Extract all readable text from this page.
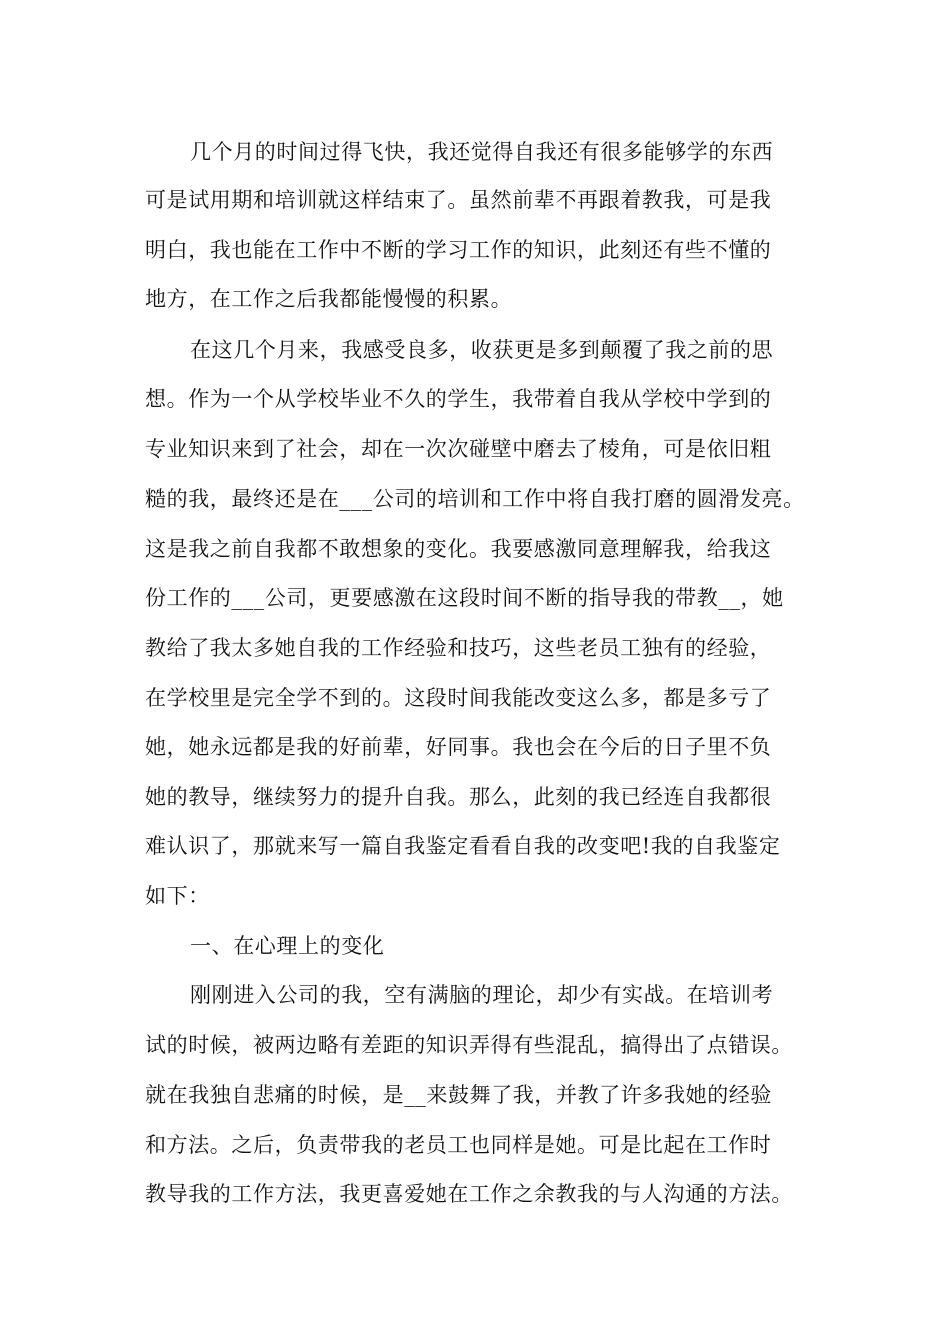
几个月的时间过得飞快，我还觉得自我还有很多能够学的东西
可是试用期和培训就这样结束了。虽然前辈不再跟着教我，可是我
明白，我也能在工作中不断的学习工作的知识，此刻还有些不懂的
地方，在工作之后我都能慢慢的积累。
在这几个月来，我感受良多，收获更是多到颠覆了我之前的思
想。作为一个从学校毕业不久的学生，我带着自我从学校中学到的
专业知识来到了社会，却在一次次碰壁中磨去了棱角，可是依旧粗
糙的我，最终还是在___公司的培训和工作中将自我打磨的圆滑发亮。
这是我之前自我都不敢想象的变化。我要感激同意理解我，给我这
份工作的___公司，更要感激在这段时间不断的指导我的带教__，她
教给了我太多她自我的工作经验和技巧，这些老员工独有的经验，
在学校里是完全学不到的。这段时间我能改变这么多，都是多亏了
她，她永远都是我的好前辈，好同事。我也会在今后的日子里不负
她的教导，继续努力的提升自我。那么，此刻的我已经连自我都很
难认识了，那就来写一篇自我鉴定看看自我的改变吧!我的自我鉴定
如下：
一、在心理上的变化
刚刚进入公司的我，空有满脑的理论，却少有实战。在培训考
试的时候，被两边略有差距的知识弄得有些混乱，搞得出了点错误。
就在我独自悲痛的时候，是__来鼓舞了我，并教了许多我她的经验
和方法。之后，负责带我的老员工也同样是她。可是比起在工作时
教导我的工作方法，我更喜爱她在工作之余教我的与人沟通的方法。
